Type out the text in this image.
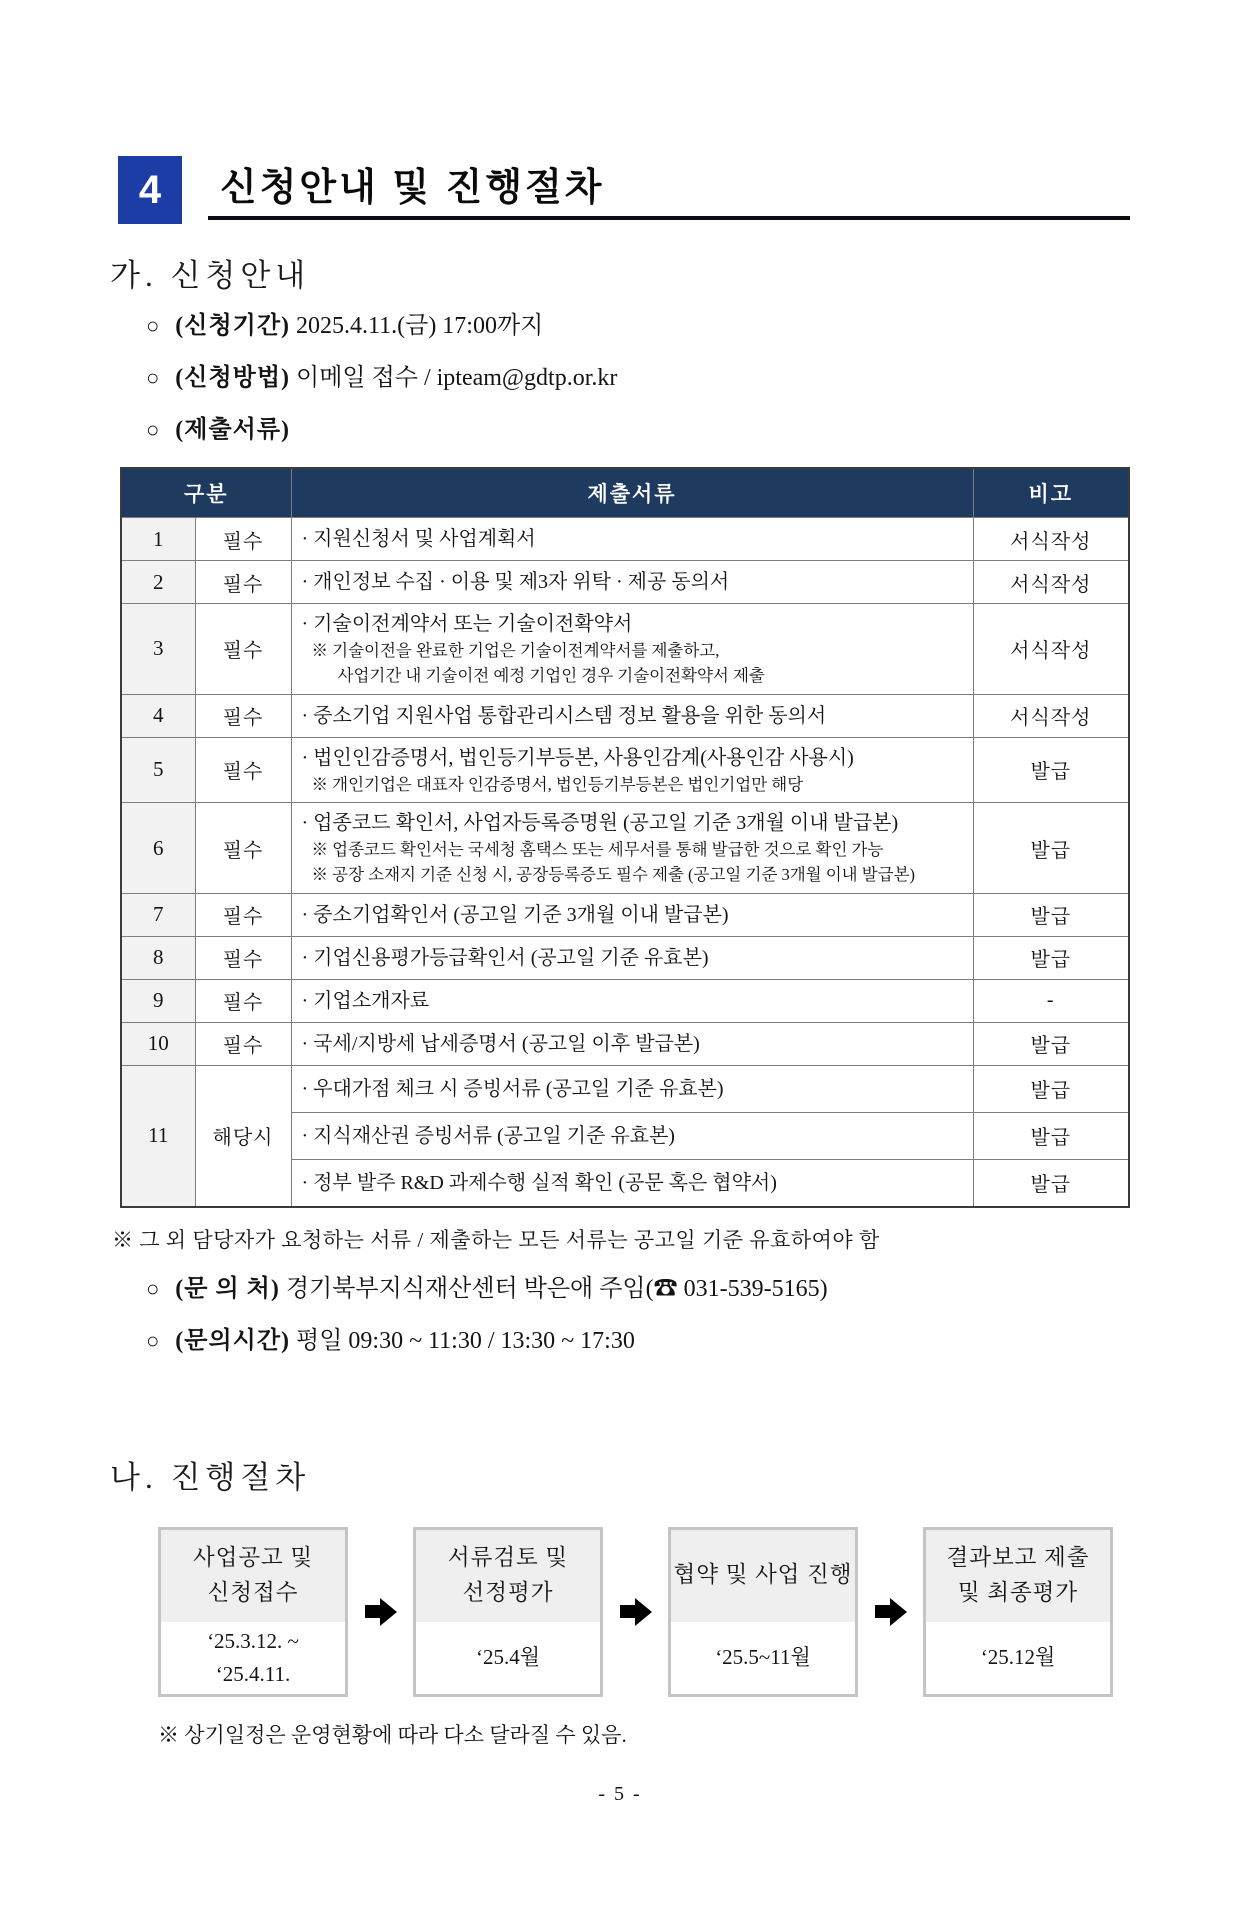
4	신청안내 및 진행절차
가. 신청안내
○ (신청기간) 2025.4.11.(금) 17:00까지
○ (신청방법) 이메일 접수 / ipteam@gdtp.or.kr
○ (제출서류)
구분		제출서류	비고
1	필수	· 지원신청서 및 사업계획서	서식작성
2	필수	· 개인정보 수집 · 이용 및 제3자 위탁 · 제공 동의서	서식작성
3	필수	· 기술이전계약서 또는 기술이전확약서
※ 기술이전을 완료한 기업은 기술이전계약서를 제출하고,
사업기간 내 기술이전 예정 기업인 경우 기술이전확약서 제출	서식작성
4	필수	· 중소기업 지원사업 통합관리시스템 정보 활용을 위한 동의서	서식작성
5	필수	· 법인인감증명서, 법인등기부등본, 사용인감계(사용인감 사용시)
※ 개인기업은 대표자 인감증명서, 법인등기부등본은 법인기업만 해당	발급
6	필수	· 업종코드 확인서, 사업자등록증명원 (공고일 기준 3개월 이내 발급본)
※ 업종코드 확인서는 국세청 홈택스 또는 세무서를 통해 발급한 것으로 확인 가능
※ 공장 소재지 기준 신청 시, 공장등록증도 필수 제출 (공고일 기준 3개월 이내 발급본)	발급
7	필수	· 중소기업확인서 (공고일 기준 3개월 이내 발급본)	발급
8	필수	· 기업신용평가등급확인서 (공고일 기준 유효본)	발급
9	필수	· 기업소개자료	-
10	필수	· 국세/지방세 납세증명서 (공고일 이후 발급본)	발급
11	해당시	· 우대가점 체크 시 증빙서류 (공고일 기준 유효본)	발급

		· 지식재산권 증빙서류 (공고일 기준 유효본)	발급

		· 정부 발주 R&D 과제수행 실적 확인 (공문 혹은 협약서)	발급
※ 그 외 담당자가 요청하는 서류 / 제출하는 모든 서류는 공고일 기준 유효하여야 함
○ (문 의 처) 경기북부지식재산센터 박은애 주임(☎ 031-539-5165)
○ (문의시간) 평일 09:30 ~ 11:30 / 13:30 ~ 17:30
나. 진행절차
사업공고 및
신청접수
‘25.3.12. ~
‘25.4.11.
서류검토 및
선정평가
‘25.4월
협약 및 사업 진행
‘25.5~11월
결과보고 제출
및 최종평가
‘25.12월
※ 상기일정은 운영현황에 따라 다소 달라질 수 있음.
- 5 -
